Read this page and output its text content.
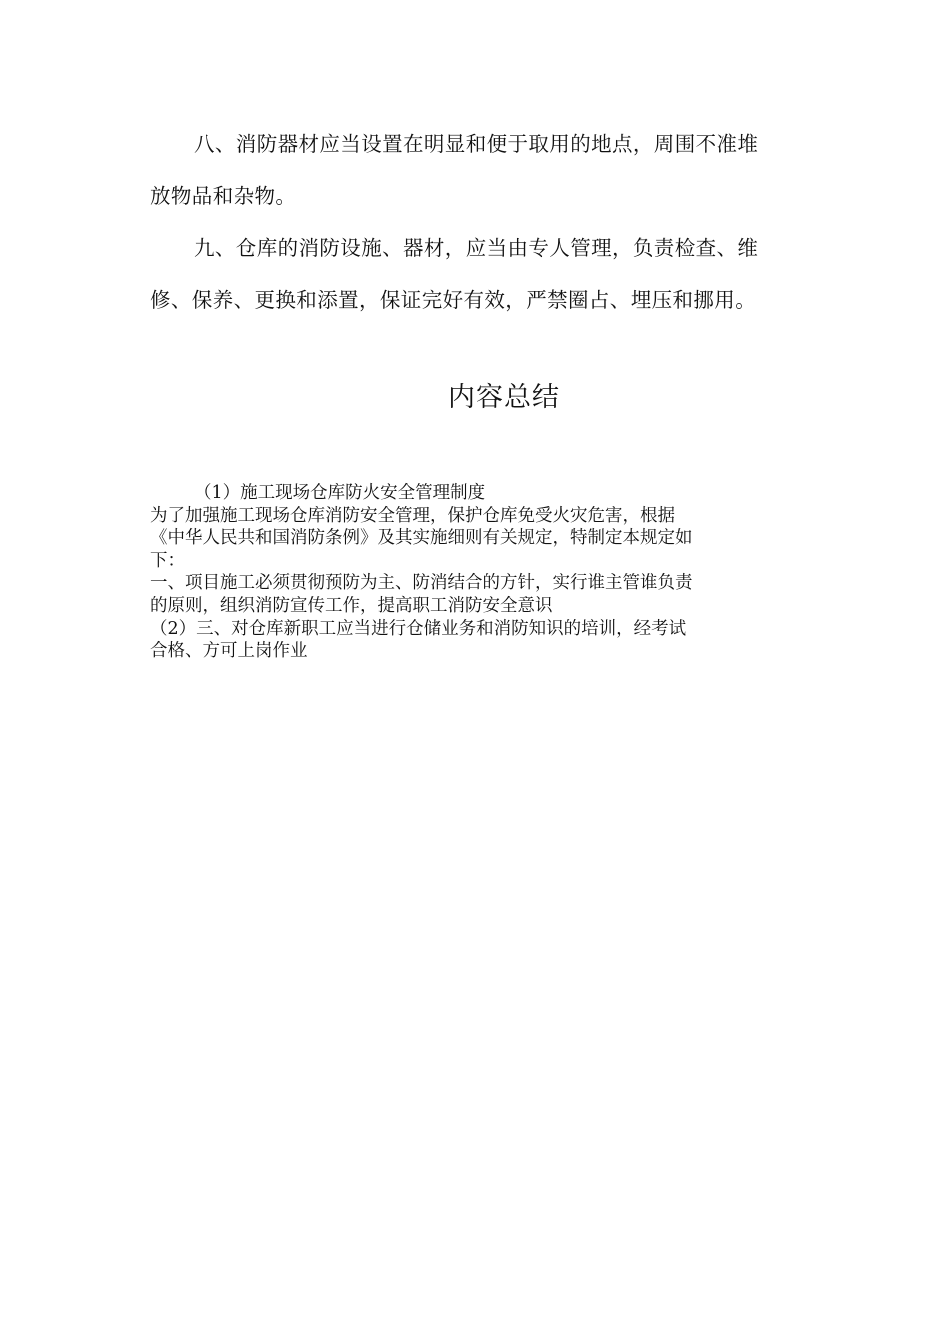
八、消防器材应当设置在明显和便于取用的地点，周围不准堆
放物品和杂物。

九、仓库的消防设施、器材，应当由专人管理，负责检查、维
修、保养、更换和添置，保证完好有效，严禁圈占、埋压和挪用。

内容总结
（1）施工现场仓库防火安全管理制度
为了加强施工现场仓库消防安全管理，保护仓库免受火灾危害，根据
《中华人民共和国消防条例》及其实施细则有关规定，特制定本规定如
下：
一、项目施工必须贯彻预防为主、防消结合的方针，实行谁主管谁负责
的原则，组织消防宣传工作，提高职工消防安全意识
（2）三、对仓库新职工应当进行仓储业务和消防知识的培训，经考试
合格、方可上岗作业
